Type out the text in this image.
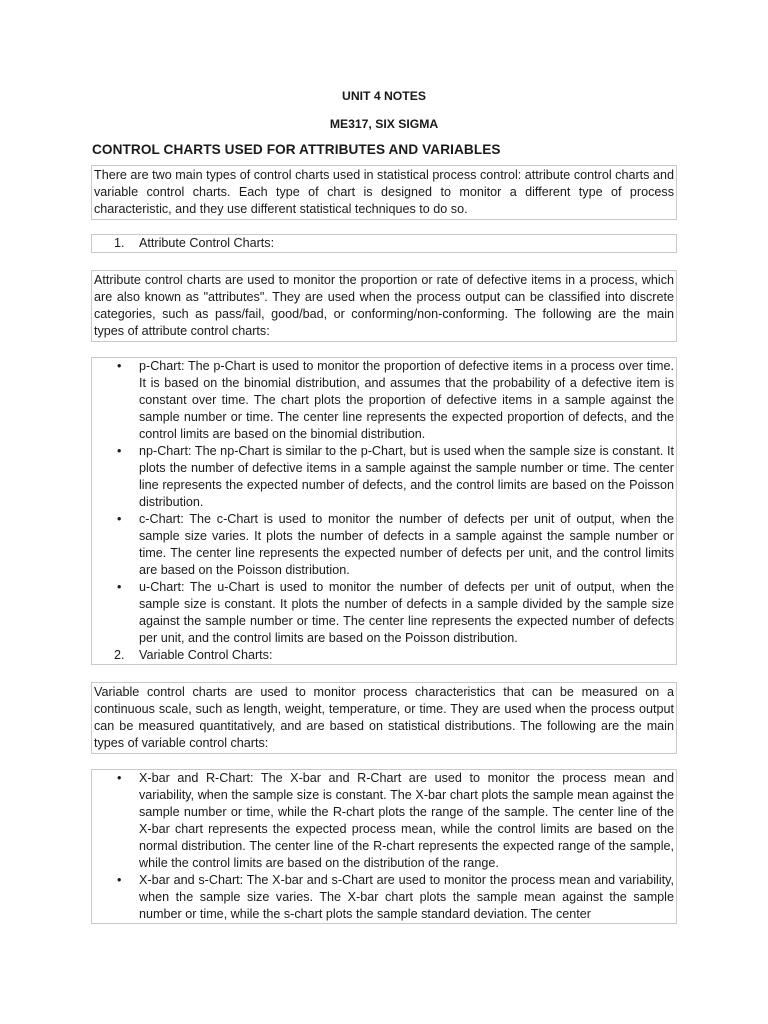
UNIT 4 NOTES
ME317, SIX SIGMA
CONTROL CHARTS USED FOR ATTRIBUTES AND VARIABLES
There are two main types of control charts used in statistical process control: attribute control charts and variable control charts. Each type of chart is designed to monitor a different type of process characteristic, and they use different statistical techniques to do so.
1.	Attribute Control Charts:
Attribute control charts are used to monitor the proportion or rate of defective items in a process, which are also known as "attributes". They are used when the process output can be classified into discrete categories, such as pass/fail, good/bad, or conforming/non-conforming. The following are the main types of attribute control charts:
•	p-Chart: The p-Chart is used to monitor the proportion of defective items in a process over time. It is based on the binomial distribution, and assumes that the probability of a defective item is constant over time. The chart plots the proportion of defective items in a sample against the sample number or time. The center line represents the expected proportion of defects, and the control limits are based on the binomial distribution.
•	np-Chart: The np-Chart is similar to the p-Chart, but is used when the sample size is constant. It plots the number of defective items in a sample against the sample number or time. The center line represents the expected number of defects, and the control limits are based on the Poisson distribution.
•	c-Chart: The c-Chart is used to monitor the number of defects per unit of output, when the sample size varies. It plots the number of defects in a sample against the sample number or time. The center line represents the expected number of defects per unit, and the control limits are based on the Poisson distribution.
•	u-Chart: The u-Chart is used to monitor the number of defects per unit of output, when the sample size is constant. It plots the number of defects in a sample divided by the sample size against the sample number or time. The center line represents the expected number of defects per unit, and the control limits are based on the Poisson distribution.
2.	Variable Control Charts:
Variable control charts are used to monitor process characteristics that can be measured on a continuous scale, such as length, weight, temperature, or time. They are used when the process output can be measured quantitatively, and are based on statistical distributions. The following are the main types of variable control charts:
•	X-bar and R-Chart: The X-bar and R-Chart are used to monitor the process mean and variability, when the sample size is constant. The X-bar chart plots the sample mean against the sample number or time, while the R-chart plots the range of the sample. The center line of the X-bar chart represents the expected process mean, while the control limits are based on the normal distribution. The center line of the R-chart represents the expected range of the sample, while the control limits are based on the distribution of the range.
•	X-bar and s-Chart: The X-bar and s-Chart are used to monitor the process mean and variability, when the sample size varies. The X-bar chart plots the sample mean against the sample number or time, while the s-chart plots the sample standard deviation. The center
